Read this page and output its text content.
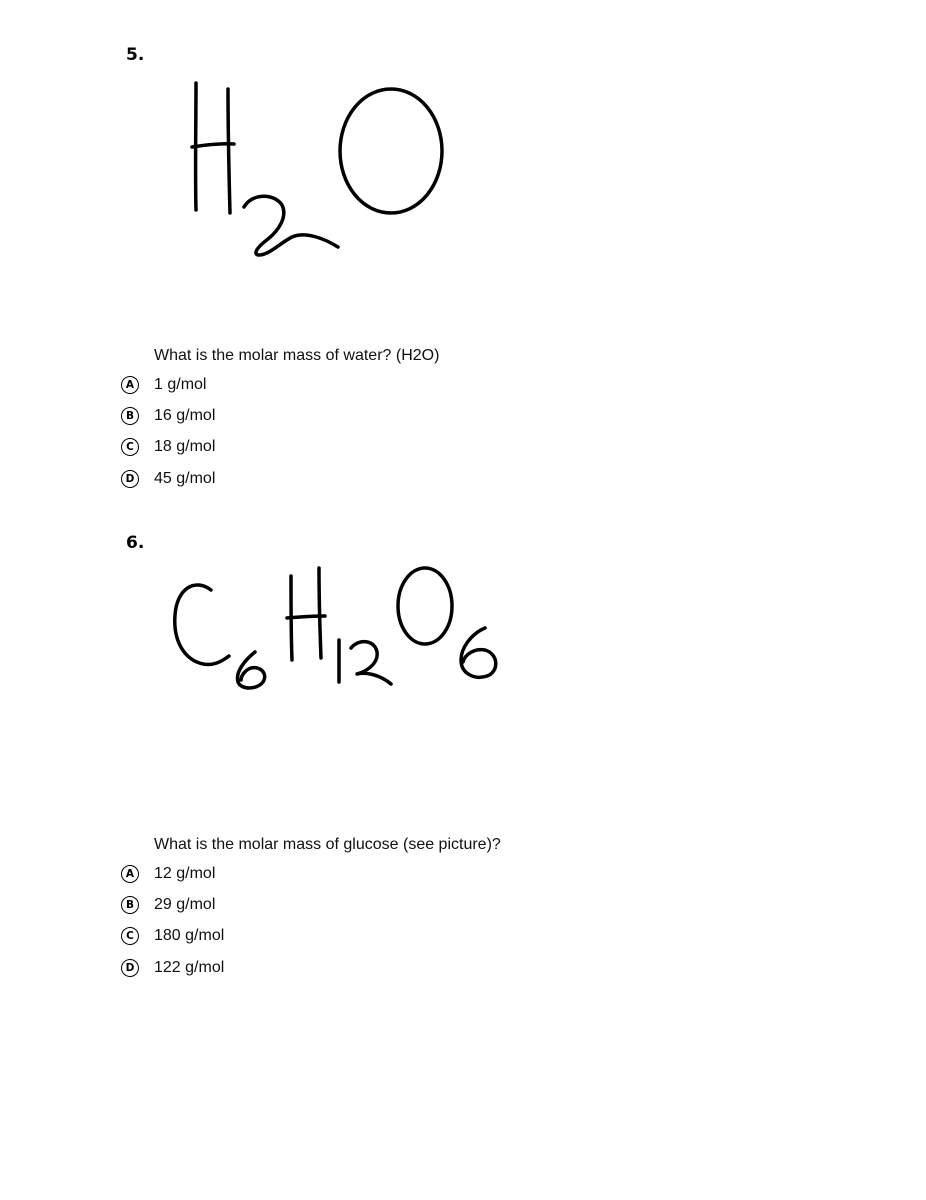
5.
What is the molar mass of water? (H2O)
A	1 g/mol
B	16 g/mol
C	18 g/mol
D 45 g/mol
6.
What is the molar mass of glucose (see picture)?
A	12 g/mol
B	29 g/mol
C	180 g/mol
D 122 g/mol
